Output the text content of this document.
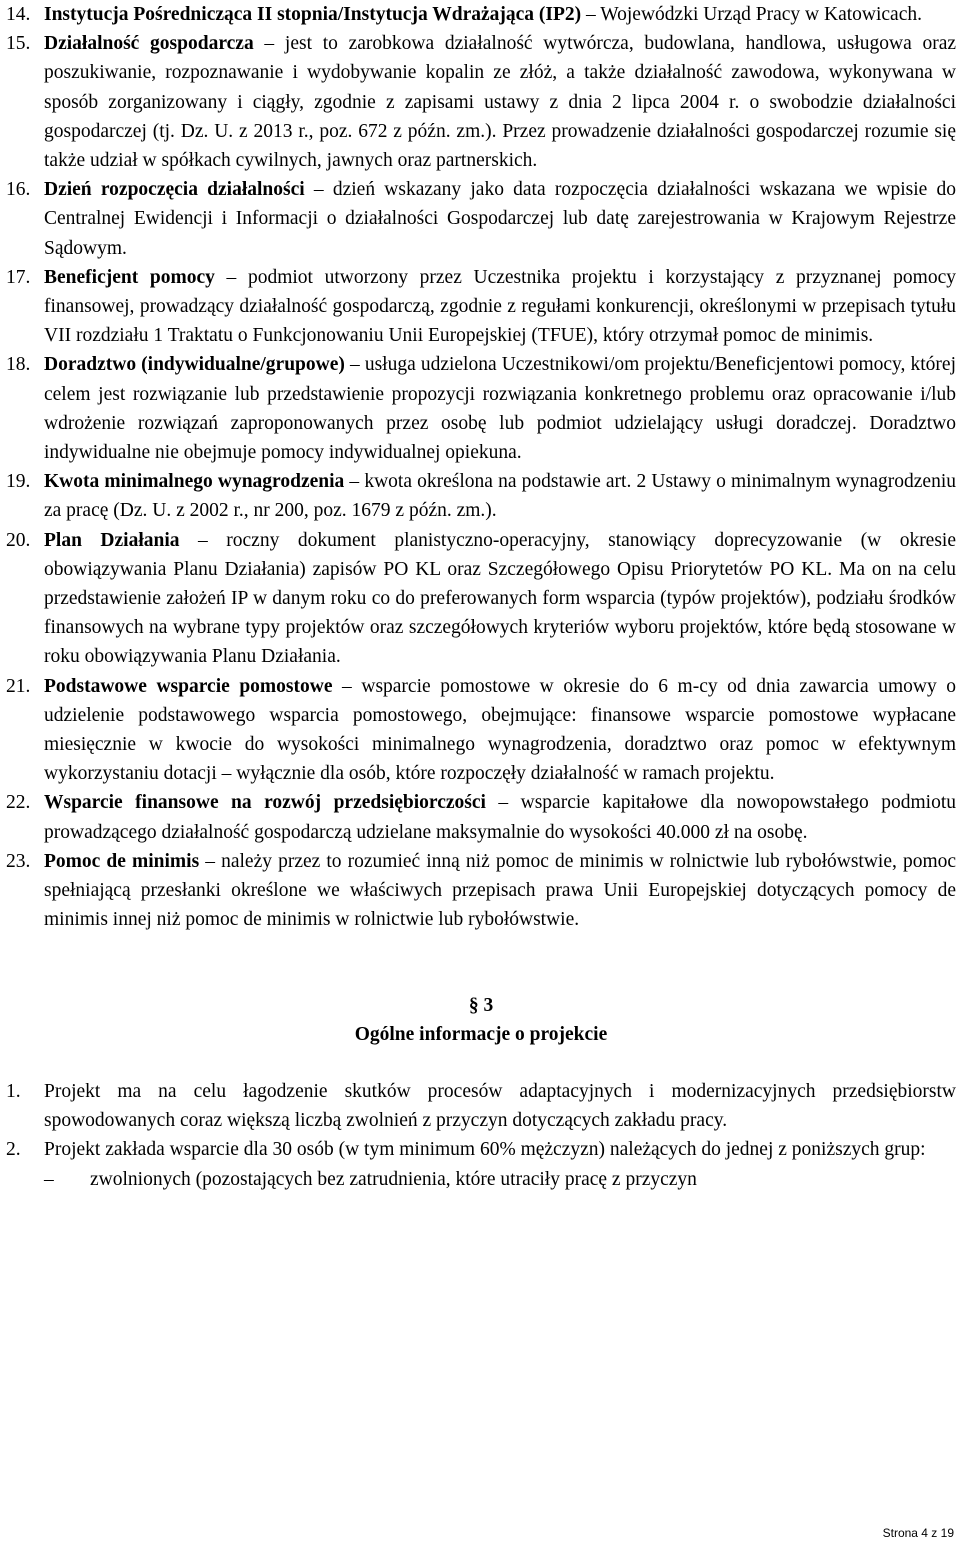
14. Instytucja Pośrednicząca II stopnia/Instytucja Wdrażająca (IP2) – Wojewódzki Urząd Pracy w Katowicach.

15. Działalność gospodarcza – jest to zarobkowa działalność wytwórcza, budowlana, handlowa, usługowa oraz poszukiwanie, rozpoznawanie i wydobywanie kopalin ze złóż, a także działalność zawodowa, wykonywana w sposób zorganizowany i ciągły, zgodnie z zapisami ustawy z dnia 2 lipca 2004 r. o swobodzie działalności gospodarczej (tj. Dz. U. z 2013 r., poz. 672 z późn. zm.). Przez prowadzenie działalności gospodarczej rozumie się także udział w spółkach cywilnych, jawnych oraz partnerskich.

16. Dzień rozpoczęcia działalności – dzień wskazany jako data rozpoczęcia działalności wskazana we wpisie do Centralnej Ewidencji i Informacji o działalności Gospodarczej lub datę zarejestrowania w Krajowym Rejestrze Sądowym.

17. Beneficjent pomocy – podmiot utworzony przez Uczestnika projektu i korzystający z przyznanej pomocy finansowej, prowadzący działalność gospodarczą, zgodnie z regułami konkurencji, określonymi w przepisach tytułu VII rozdziału 1 Traktatu o Funkcjonowaniu Unii Europejskiej (TFUE), który otrzymał pomoc de minimis.

18. Doradztwo (indywidualne/grupowe) – usługa udzielona Uczestnikowi/om projektu/Beneficjentowi pomocy, której celem jest rozwiązanie lub przedstawienie propozycji rozwiązania konkretnego problemu oraz opracowanie i/lub wdrożenie rozwiązań zaproponowanych przez osobę lub podmiot udzielający usługi doradczej. Doradztwo indywidualne nie obejmuje pomocy indywidualnej opiekuna.

19. Kwota minimalnego wynagrodzenia – kwota określona na podstawie art. 2 Ustawy o minimalnym wynagrodzeniu za pracę (Dz. U. z 2002 r., nr 200, poz. 1679 z późn. zm.).

20. Plan Działania – roczny dokument planistyczno-operacyjny, stanowiący doprecyzowanie (w okresie obowiązywania Planu Działania) zapisów PO KL oraz Szczegółowego Opisu Priorytetów PO KL. Ma on na celu przedstawienie założeń IP w danym roku co do preferowanych form wsparcia (typów projektów), podziału środków finansowych na wybrane typy projektów oraz szczegółowych kryteriów wyboru projektów, które będą stosowane w roku obowiązywania Planu Działania.

21. Podstawowe wsparcie pomostowe – wsparcie pomostowe w okresie do 6 m-cy od dnia zawarcia umowy o udzielenie podstawowego wsparcia pomostowego, obejmujące: finansowe wsparcie pomostowe wypłacane miesięcznie w kwocie do wysokości minimalnego wynagrodzenia, doradztwo oraz pomoc w efektywnym wykorzystaniu dotacji – wyłącznie dla osób, które rozpoczęły działalność w ramach projektu.

22. Wsparcie finansowe na rozwój przedsiębiorczości – wsparcie kapitałowe dla nowopowstałego podmiotu prowadzącego działalność gospodarczą udzielane maksymalnie do wysokości 40.000 zł na osobę.

23. Pomoc de minimis – należy przez to rozumieć inną niż pomoc de minimis w rolnictwie lub rybołówstwie, pomoc spełniającą przesłanki określone we właściwych przepisach prawa Unii Europejskiej dotyczących pomocy de minimis innej niż pomoc de minimis w rolnictwie lub rybołówstwie.

§ 3

Ogólne informacje o projekcie

1. Projekt ma na celu łagodzenie skutków procesów adaptacyjnych i modernizacyjnych przedsiębiorstw spowodowanych coraz większą liczbą zwolnień z przyczyn dotyczących zakładu pracy.

2. Projekt zakłada wsparcie dla 30 osób (w tym minimum 60% mężczyzn) należących do jednej z poniższych grup:

– zwolnionych (pozostających bez zatrudnienia, które utraciły pracę z przyczyn

Strona 4 z 19
